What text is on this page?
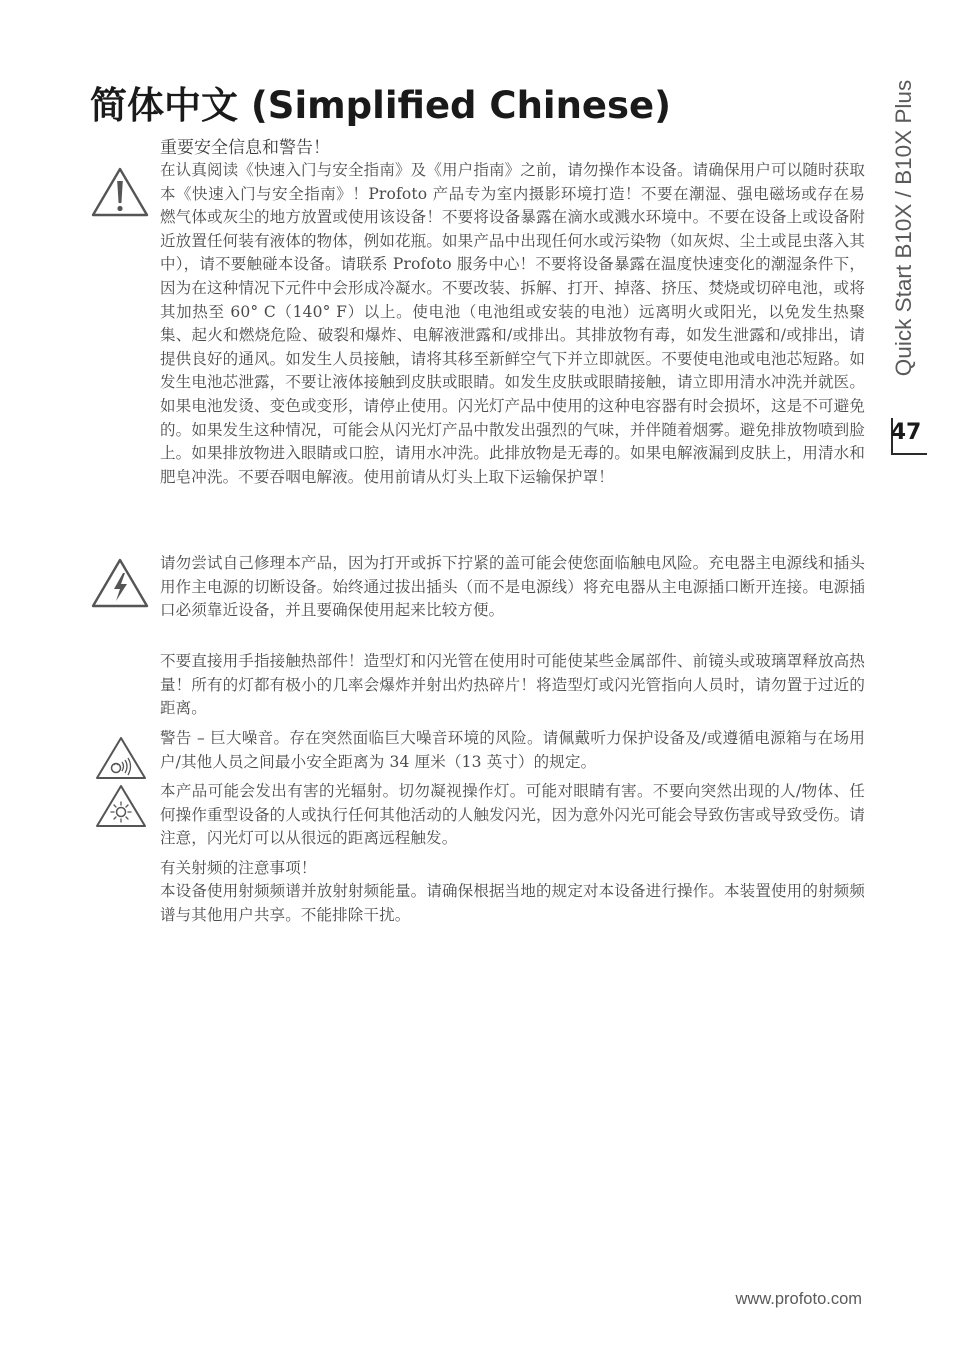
简体中文 (Simplified Chinese)	Quick Start B10X / B10X Plus
47
重要安全信息和警告！
在认真阅读《快速入门与安全指南》及《用户指南》之前，请勿操作本设备。请确保用户可以随时获取本《快速入门与安全指南》！Profoto 产品专为室内摄影环境打造！不要在潮湿、强电磁场或存在易燃气体或灰尘的地方放置或使用该设备！不要将设备暴露在滴水或溅水环境中。不要在设备上或设备附近放置任何装有液体的物体，例如花瓶。如果产品中出现任何水或污染物（如灰烬、尘土或昆虫落入其中），请不要触碰本设备。请联系 Profoto 服务中心！不要将设备暴露在温度快速变化的潮湿条件下，因为在这种情况下元件中会形成冷凝水。不要改装、拆解、打开、掉落、挤压、焚烧或切碎电池，或将其加热至 60° C（140° F）以上。使电池（电池组或安装的电池）远离明火或阳光，以免发生热聚集、起火和燃烧危险、破裂和爆炸、电解液泄露和/或排出。其排放物有毒，如发生泄露和/或排出，请提供良好的通风。如发生人员接触，请将其移至新鲜空气下并立即就医。不要使电池或电池芯短路。如发生电池芯泄露，不要让液体接触到皮肤或眼睛。如发生皮肤或眼睛接触，请立即用清水冲洗并就医。如果电池发烫、变色或变形，请停止使用。闪光灯产品中使用的这种电容器有时会损坏，这是不可避免的。如果发生这种情况，可能会从闪光灯产品中散发出强烈的气味，并伴随着烟雾。避免排放物喷到脸上。如果排放物进入眼睛或口腔，请用水冲洗。此排放物是无毒的。如果电解液漏到皮肤上，用清水和肥皂冲洗。不要吞咽电解液。使用前请从灯头上取下运输保护罩！
请勿尝试自己修理本产品，因为打开或拆下拧紧的盖可能会使您面临触电风险。充电器主电源线和插头用作主电源的切断设备。始终通过拔出插头（而不是电源线）将充电器从主电源插口断开连接。电源插口必须靠近设备，并且要确保使用起来比较方便。
不要直接用手指接触热部件！造型灯和闪光管在使用时可能使某些金属部件、前镜头或玻璃罩释放高热量！所有的灯都有极小的几率会爆炸并射出灼热碎片！将造型灯或闪光管指向人员时，请勿置于过近的距离。
警告 – 巨大噪音。存在突然面临巨大噪音环境的风险。请佩戴听力保护设备及/或遵循电源箱与在场用户/其他人员之间最小安全距离为 34 厘米（13 英寸）的规定。
本产品可能会发出有害的光辐射。切勿凝视操作灯。可能对眼睛有害。不要向突然出现的人/物体、任何操作重型设备的人或执行任何其他活动的人触发闪光，因为意外闪光可能会导致伤害或导致受伤。请注意，闪光灯可以从很远的距离远程触发。
有关射频的注意事项！
本设备使用射频频谱并放射射频能量。请确保根据当地的规定对本设备进行操作。本装置使用的射频频谱与其他用户共享。不能排除干扰。
www.profoto.com
